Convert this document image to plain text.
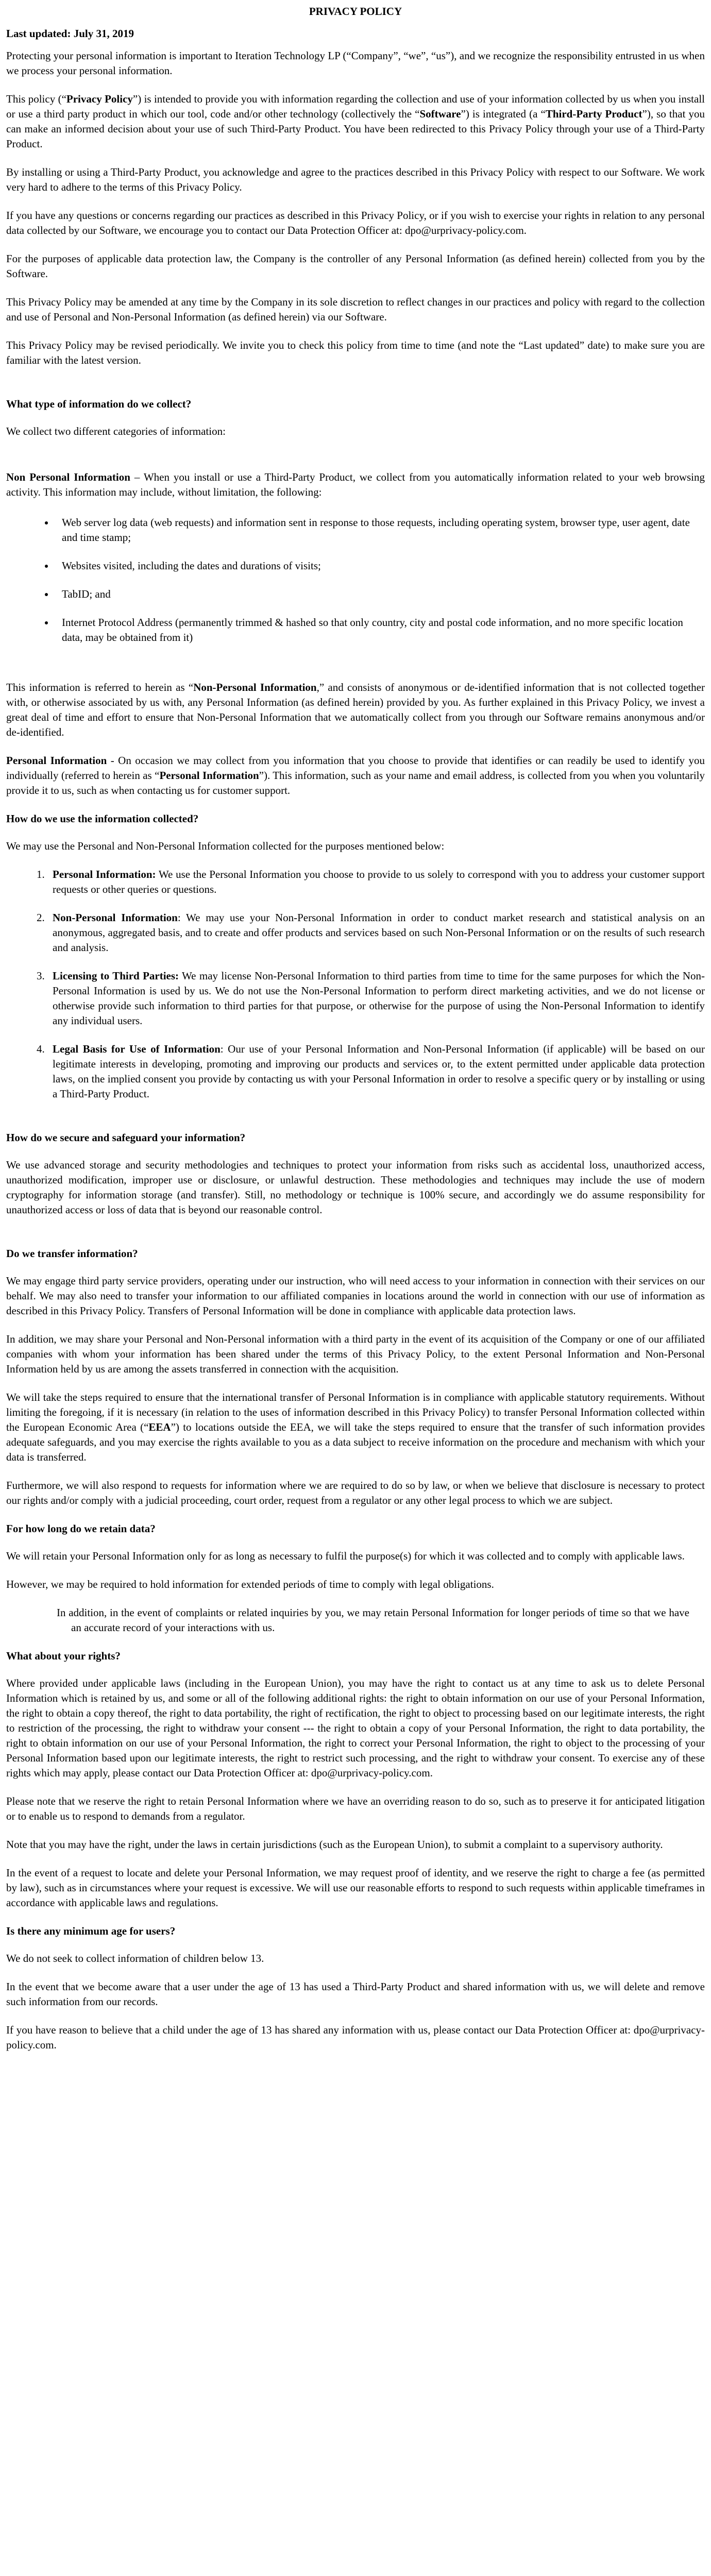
PRIVACY POLICY

Last updated: July 31, 2019

Protecting your personal information is important to Iteration Technology LP (“Company”, “we”, “us”), and we recognize the responsibility entrusted in us when we process your personal information.

This policy (“Privacy Policy”) is intended to provide you with information regarding the collection and use of your information collected by us when you install or use a third party product in which our tool, code and/or other technology (collectively the “Software”) is integrated (a “Third-Party Product”), so that you can make an informed decision about your use of such Third-Party Product. You have been redirected to this Privacy Policy through your use of a Third-Party Product.

By installing or using a Third-Party Product, you acknowledge and agree to the practices described in this Privacy Policy with respect to our Software. We work very hard to adhere to the terms of this Privacy Policy.

If you have any questions or concerns regarding our practices as described in this Privacy Policy, or if you wish to exercise your rights in relation to any personal data collected by our Software, we encourage you to contact our Data Protection Officer at: dpo@urprivacy-policy.com.

For the purposes of applicable data protection law, the Company is the controller of any Personal Information (as defined herein) collected from you by the Software.

This Privacy Policy may be amended at any time by the Company in its sole discretion to reflect changes in our practices and policy with regard to the collection and use of Personal and Non-Personal Information (as defined herein) via our Software.

This Privacy Policy may be revised periodically. We invite you to check this policy from time to time (and note the “Last updated” date) to make sure you are familiar with the latest version.

What type of information do we collect?

We collect two different categories of information:

Non Personal Information – When you install or use a Third-Party Product, we collect from you automatically information related to your web browsing activity. This information may include, without limitation, the following:

• Web server log data (web requests) and information sent in response to those requests, including operating system, browser type, user agent, date and time stamp;
• Websites visited, including the dates and durations of visits;
• TabID; and
• Internet Protocol Address (permanently trimmed & hashed so that only country, city and postal code information, and no more specific location data, may be obtained from it)

This information is referred to herein as “Non-Personal Information,” and consists of anonymous or de-identified information that is not collected together with, or otherwise associated by us with, any Personal Information (as defined herein) provided by you. As further explained in this Privacy Policy, we invest a great deal of time and effort to ensure that Non-Personal Information that we automatically collect from you through our Software remains anonymous and/or de-identified.

Personal Information - On occasion we may collect from you information that you choose to provide that identifies or can readily be used to identify you individually (referred to herein as “Personal Information”). This information, such as your name and email address, is collected from you when you voluntarily provide it to us, such as when contacting us for customer support.

How do we use the information collected?

We may use the Personal and Non-Personal Information collected for the purposes mentioned below:

1. Personal Information: We use the Personal Information you choose to provide to us solely to correspond with you to address your customer support requests or other queries or questions.
2. Non-Personal Information: We may use your Non-Personal Information in order to conduct market research and statistical analysis on an anonymous, aggregated basis, and to create and offer products and services based on such Non-Personal Information or on the results of such research and analysis.
3. Licensing to Third Parties: We may license Non-Personal Information to third parties from time to time for the same purposes for which the Non-Personal Information is used by us. We do not use the Non-Personal Information to perform direct marketing activities, and we do not license or otherwise provide such information to third parties for that purpose, or otherwise for the purpose of using the Non-Personal Information to identify any individual users.
4. Legal Basis for Use of Information: Our use of your Personal Information and Non-Personal Information (if applicable) will be based on our legitimate interests in developing, promoting and improving our products and services or, to the extent permitted under applicable data protection laws, on the implied consent you provide by contacting us with your Personal Information in order to resolve a specific query or by installing or using a Third-Party Product.
How do we secure and safeguard your information?

We use advanced storage and security methodologies and techniques to protect your information from risks such as accidental loss, unauthorized access, unauthorized modification, improper use or disclosure, or unlawful destruction. These methodologies and techniques may include the use of modern cryptography for information storage (and transfer). Still, no methodology or technique is 100% secure, and accordingly we do assume responsibility for unauthorized access or loss of data that is beyond our reasonable control.

Do we transfer information?

We may engage third party service providers, operating under our instruction, who will need access to your information in connection with their services on our behalf. We may also need to transfer your information to our affiliated companies in locations around the world in connection with our use of information as described in this Privacy Policy. Transfers of Personal Information will be done in compliance with applicable data protection laws.

In addition, we may share your Personal and Non-Personal information with a third party in the event of its acquisition of the Company or one of our affiliated companies with whom your information has been shared under the terms of this Privacy Policy, to the extent Personal Information and Non-Personal Information held by us are among the assets transferred in connection with the acquisition.

We will take the steps required to ensure that the international transfer of Personal Information is in compliance with applicable statutory requirements. Without limiting the foregoing, if it is necessary (in relation to the uses of information described in this Privacy Policy) to transfer Personal Information collected within the European Economic Area (“EEA”) to locations outside the EEA, we will take the steps required to ensure that the transfer of such information provides adequate safeguards, and you may exercise the rights available to you as a data subject to receive information on the procedure and mechanism with which your data is transferred.

Furthermore, we will also respond to requests for information where we are required to do so by law, or when we believe that disclosure is necessary to protect our rights and/or comply with a judicial proceeding, court order, request from a regulator or any other legal process to which we are subject.

For how long do we retain data?

We will retain your Personal Information only for as long as necessary to fulfil the purpose(s) for which it was collected and to comply with applicable laws.

However, we may be required to hold information for extended periods of time to comply with legal obligations.

In addition, in the event of complaints or related inquiries by you, we may retain Personal Information for longer periods of time so that we have an accurate record of your interactions with us.

What about your rights?

Where provided under applicable laws (including in the European Union), you may have the right to contact us at any time to ask us to delete Personal Information which is retained by us, and some or all of the following additional rights: the right to obtain information on our use of your Personal Information, the right to obtain a copy thereof, the right to data portability, the right of rectification, the right to object to processing based on our legitimate interests, the right to restriction of the processing, the right to withdraw your consent --- the right to obtain a copy of your Personal Information, the right to data portability, the right to obtain information on our use of your Personal Information, the right to correct your Personal Information, the right to object to the processing of your Personal Information based upon our legitimate interests, the right to restrict such processing, and the right to withdraw your consent. To exercise any of these rights which may apply, please contact our Data Protection Officer at: dpo@urprivacy-policy.com.

Please note that we reserve the right to retain Personal Information where we have an overriding reason to do so, such as to preserve it for anticipated litigation or to enable us to respond to demands from a regulator.

Note that you may have the right, under the laws in certain jurisdictions (such as the European Union), to submit a complaint to a supervisory authority.

In the event of a request to locate and delete your Personal Information, we may request proof of identity, and we reserve the right to charge a fee (as permitted by law), such as in circumstances where your request is excessive. We will use our reasonable efforts to respond to such requests within applicable timeframes in accordance with applicable laws and regulations.

Is there any minimum age for users?

We do not seek to collect information of children below 13.

In the event that we become aware that a user under the age of 13 has used a Third-Party Product and shared information with us, we will delete and remove such information from our records.

If you have reason to believe that a child under the age of 13 has shared any information with us, please contact our Data Protection Officer at: dpo@urprivacy-policy.com.
